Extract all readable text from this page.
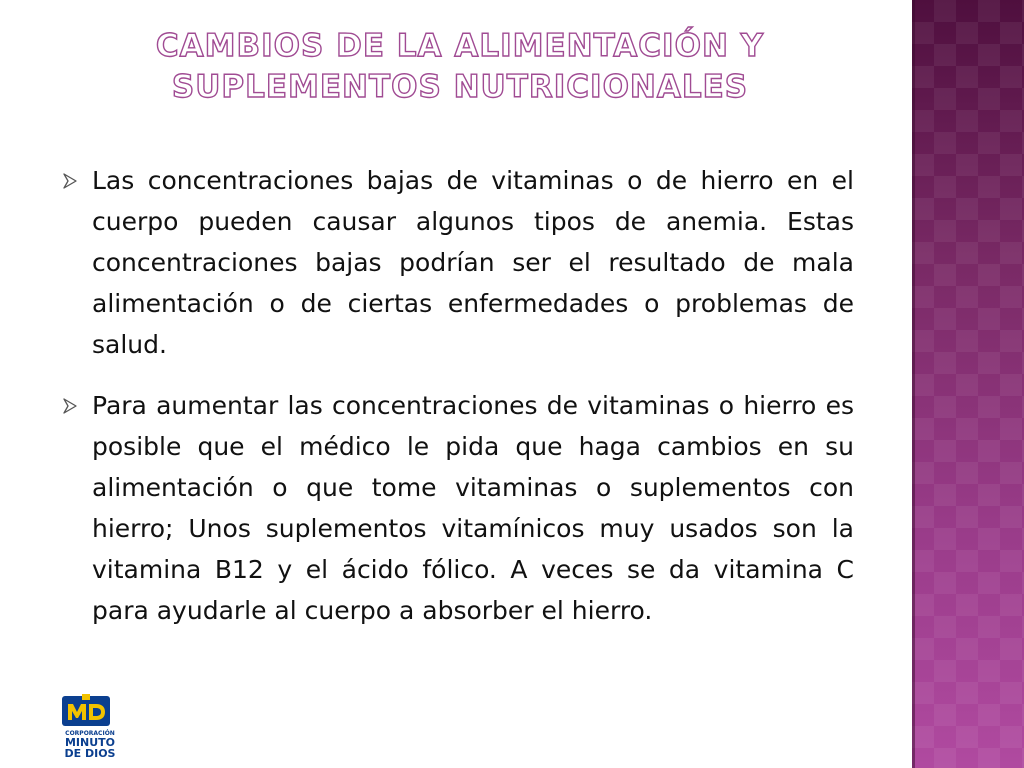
CAMBIOS DE LA ALIMENTACIÓN Y SUPLEMENTOS NUTRICIONALES

Las concentraciones bajas de vitaminas o de hierro en el cuerpo pueden causar algunos tipos de anemia. Estas concentraciones bajas podrían ser el resultado de mala alimentación o de ciertas enfermedades o problemas de salud.

Para aumentar las concentraciones de vitaminas o hierro es posible que el médico le pida que haga cambios en su alimentación o que tome vitaminas o suplementos con hierro; Unos suplementos vitamínicos muy usados son la vitamina B12 y el ácido fólico. A veces se da vitamina C para ayudarle al cuerpo a absorber el hierro.

CORPORACIÓN

MINUTO

DE DIOS
